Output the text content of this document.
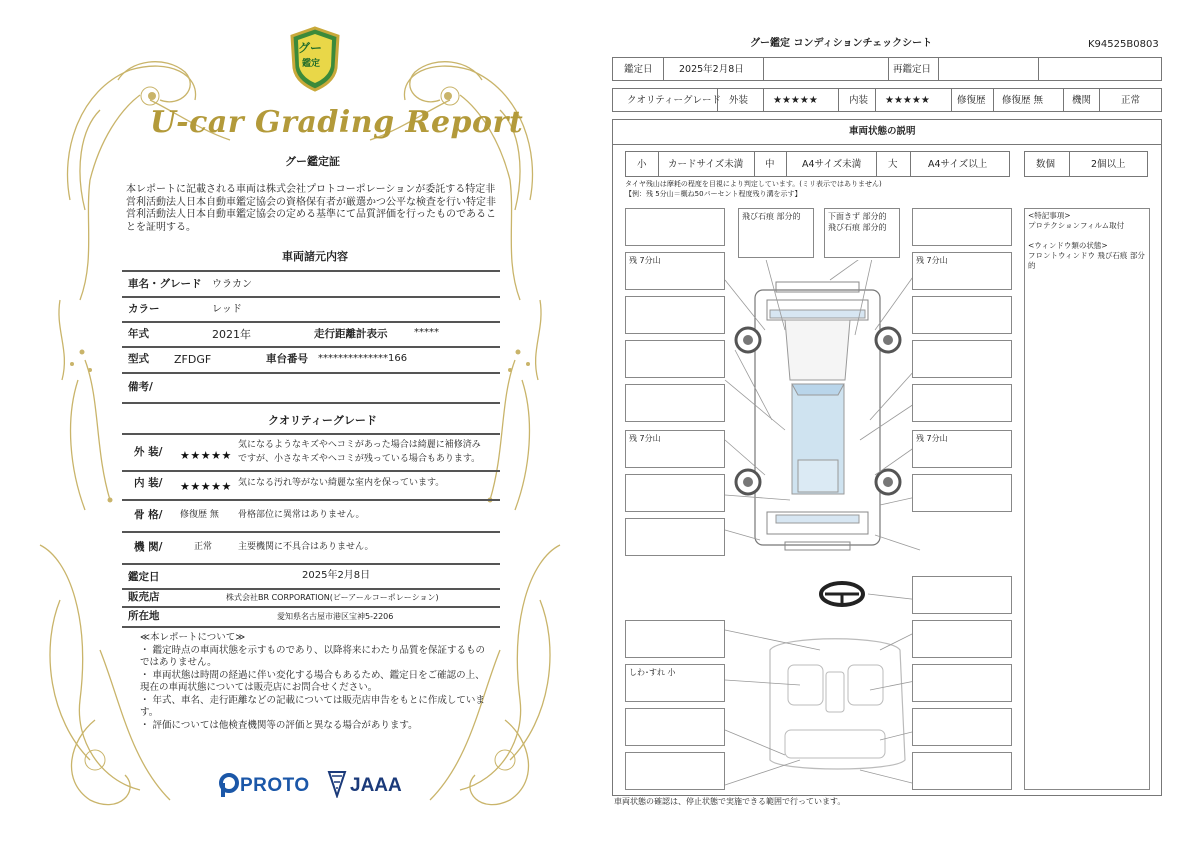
グー
鑑定
U-car Grading Report
グー鑑定証
本レポートに記載される車両は株式会社プロトコーポレーションが委託する特定非営利活動法人日本自動車鑑定協会の資格保有者が厳選かつ公平な検査を行い特定非営利活動法人日本自動車鑑定協会の定める基準にて品質評価を行ったものであることを証明する。
車両諸元内容
車名・グレード ウラカン
カラー	レッド
年式	2021年	走行距離計表示	*****
型式 ZFDGF	車台番号 **************166
備考/
クオリティーグレード
外 装/ ★★★★★
気になるようなキズやヘコミがあった場合は綺麗に補修済み
ですが、小さなキズやヘコミが残っている場合もあります。
内 装/ ★★★★★ 気になる汚れ等がない綺麗な室内を保っています。
骨 格/ 修復歴 無 骨格部位に異常はありません。
機 関/	正常	主要機関に不具合はありません。
鑑定日	2025年2月8日
販売店	株式会社BR CORPORATION(ビーアールコーポレーション)
所在地	愛知県名古屋市港区宝神5-2206
≪本レポートについて≫
・ 鑑定時点の車両状態を示すものであり、以降将来にわたり品質を保証するものではありません。
・ 車両状態は時間の経過に伴い変化する場合もあるため、鑑定日をご確認の上、現在の車両状態については販売店にお問合せください。
・ 年式、車名、走行距離などの記載については販売店申告をもとに作成しています。
・ 評価については他検査機関等の評価と異なる場合があります。
PROTO JAAA
グー鑑定 コンディションチェックシート	K94525B0803
鑑定日	2025年2月8日	再鑑定日
クオリティーグレード 外装 ★★★★★	内装 ★★★★★	修復歴 修復歴 無	機関	正常
車両状態の説明
小 カードサイズ未満 中	A4サイズ未満	大	A4サイズ以上	数個	2個以上
タイヤ残山は摩耗の程度を目視により判定しています。(ミリ表示ではありません)
【例：残 5分山＝概ね50パーセント程度残り溝を示す】
飛び石痕 部分的	下面きず 部分的
飛び石痕 部分的
残 7分山	残 7分山
残 7分山	残 7分山
しわ･すれ 小
<特記事項>
プロテクションフィルム取付
<ウィンドウ類の状態>
フロントウィンドウ 飛び石痕 部分的
車両状態の確認は、停止状態で実施できる範囲で行っています。
